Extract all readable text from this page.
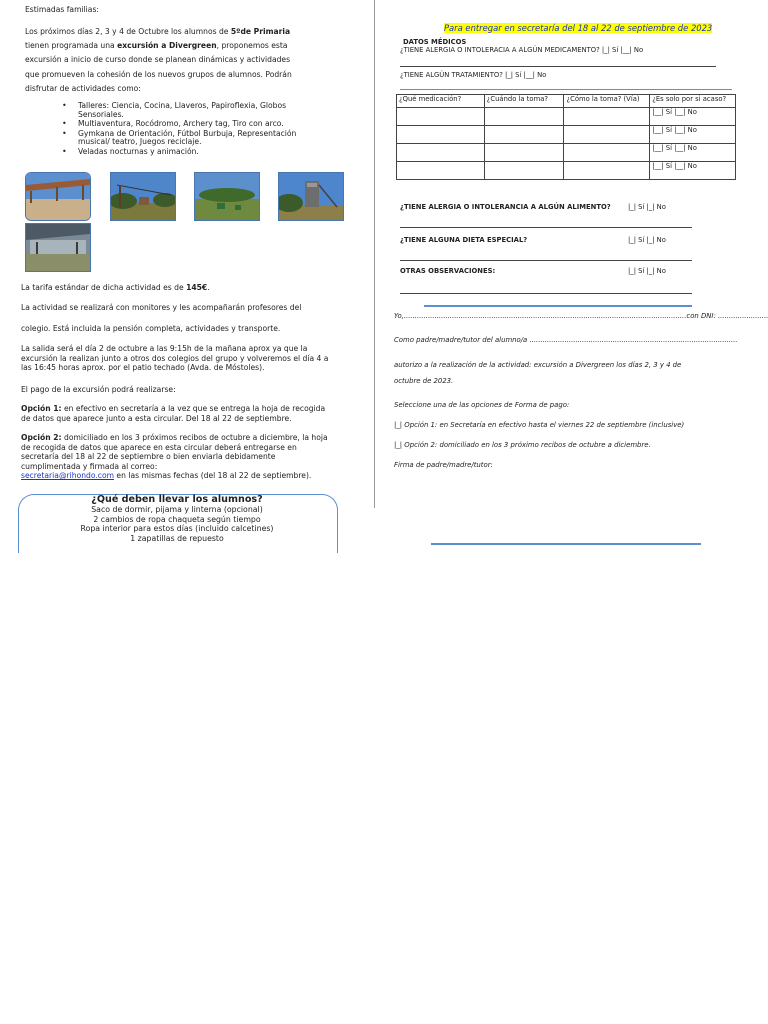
Estimadas familias:
Los próximos días 2, 3 y 4 de Octubre los alumnos de 5ºde Primaria
tienen programada una excursión a Divergreen, proponemos esta
excursión a inicio de curso donde se planean dinámicas y actividades
que promueven la cohesión de los nuevos grupos de alumnos. Podrán
disfrutar de actividades como:
• Talleres: Ciencia, Cocina, Llaveros, Papiroflexia, Globos Sensoriales.
• Multiaventura, Rocódromo, Archery tag, Tiro con arco.
• Gymkana de Orientación, Fútbol Burbuja, Representación musical/ teatro, Juegos reciclaje.
• Veladas nocturnas y animación.
La tarifa estándar de dicha actividad es de 145€.
La actividad se realizará con monitores y les acompañarán profesores del
colegio. Está incluida la pensión completa, actividades y transporte.
La salida será el día 2 de octubre a las 9:15h de la mañana aprox ya que la
excursión la realizan junto a otros dos colegios del grupo y volveremos el día 4 a
las 16:45 horas aprox. por el patio techado (Avda. de Móstoles).
El pago de la excursión podrá realizarse:
Opción 1: en efectivo en secretaría a la vez que se entrega la hoja de recogida
de datos que aparece junto a esta circular. Del 18 al 22 de septiembre.
Opción 2: domiciliado en los 3 próximos recibos de octubre a diciembre, la hoja
de recogida de datos que aparece en esta circular deberá entregarse en
secretaría del 18 al 22 de septiembre o bien enviarla debidamente
cumplimentada y firmada al correo:
secretaria@rihondo.com en las mismas fechas (del 18 al 22 de septiembre).
¿Qué deben llevar los alumnos?
Saco de dormir, pijama y linterna (opcional)
2 cambios de ropa chaqueta según tiempo
Ropa interior para estos días (incluido calcetines)
1 zapatillas de repuesto
Para entregar en secretaría del 18 al 22 de septiembre de 2023
DATOS MÉDICOS
¿TIENE ALERGIA O INTOLERACIA A ALGÚN MEDICAMENTO? |_| Sí |__| No
¿TIENE ALGÚN TRATAMIENTO? |_| Sí |__| No
¿Qué medicación?	¿Cuándo la toma?	¿Cómo la toma? (Vía)	¿Es solo por si acaso?
			|__| Sí |__| No
			|__| Sí |__| No
			|__| Sí |__| No
			|__| Sí |__| No
¿TIENE ALERGIA O INTOLERANCIA A ALGÚN ALIMENTO?	|_| Sí |_| No
¿TIENE ALGUNA DIETA ESPECIAL?	|_| Sí |_| No
OTRAS OBSERVACIONES:	|_| Sí |_| No
Yo,.................................................................................................................................con DNI: .......................
Como padre/madre/tutor del alumno/a ...............................................................................................
autorizo a la realización de la actividad: excursión a Divergreen los días 2, 3 y 4 de
octubre de 2023.
Seleccione una de las opciones de Forma de pago:
|_| Opción 1: en Secretaría en efectivo hasta el viernes 22 de septiembre (inclusive)
|_| Opción 2: domiciliado en los 3 próximo recibos de octubre a diciembre.
Firma de padre/madre/tutor:
